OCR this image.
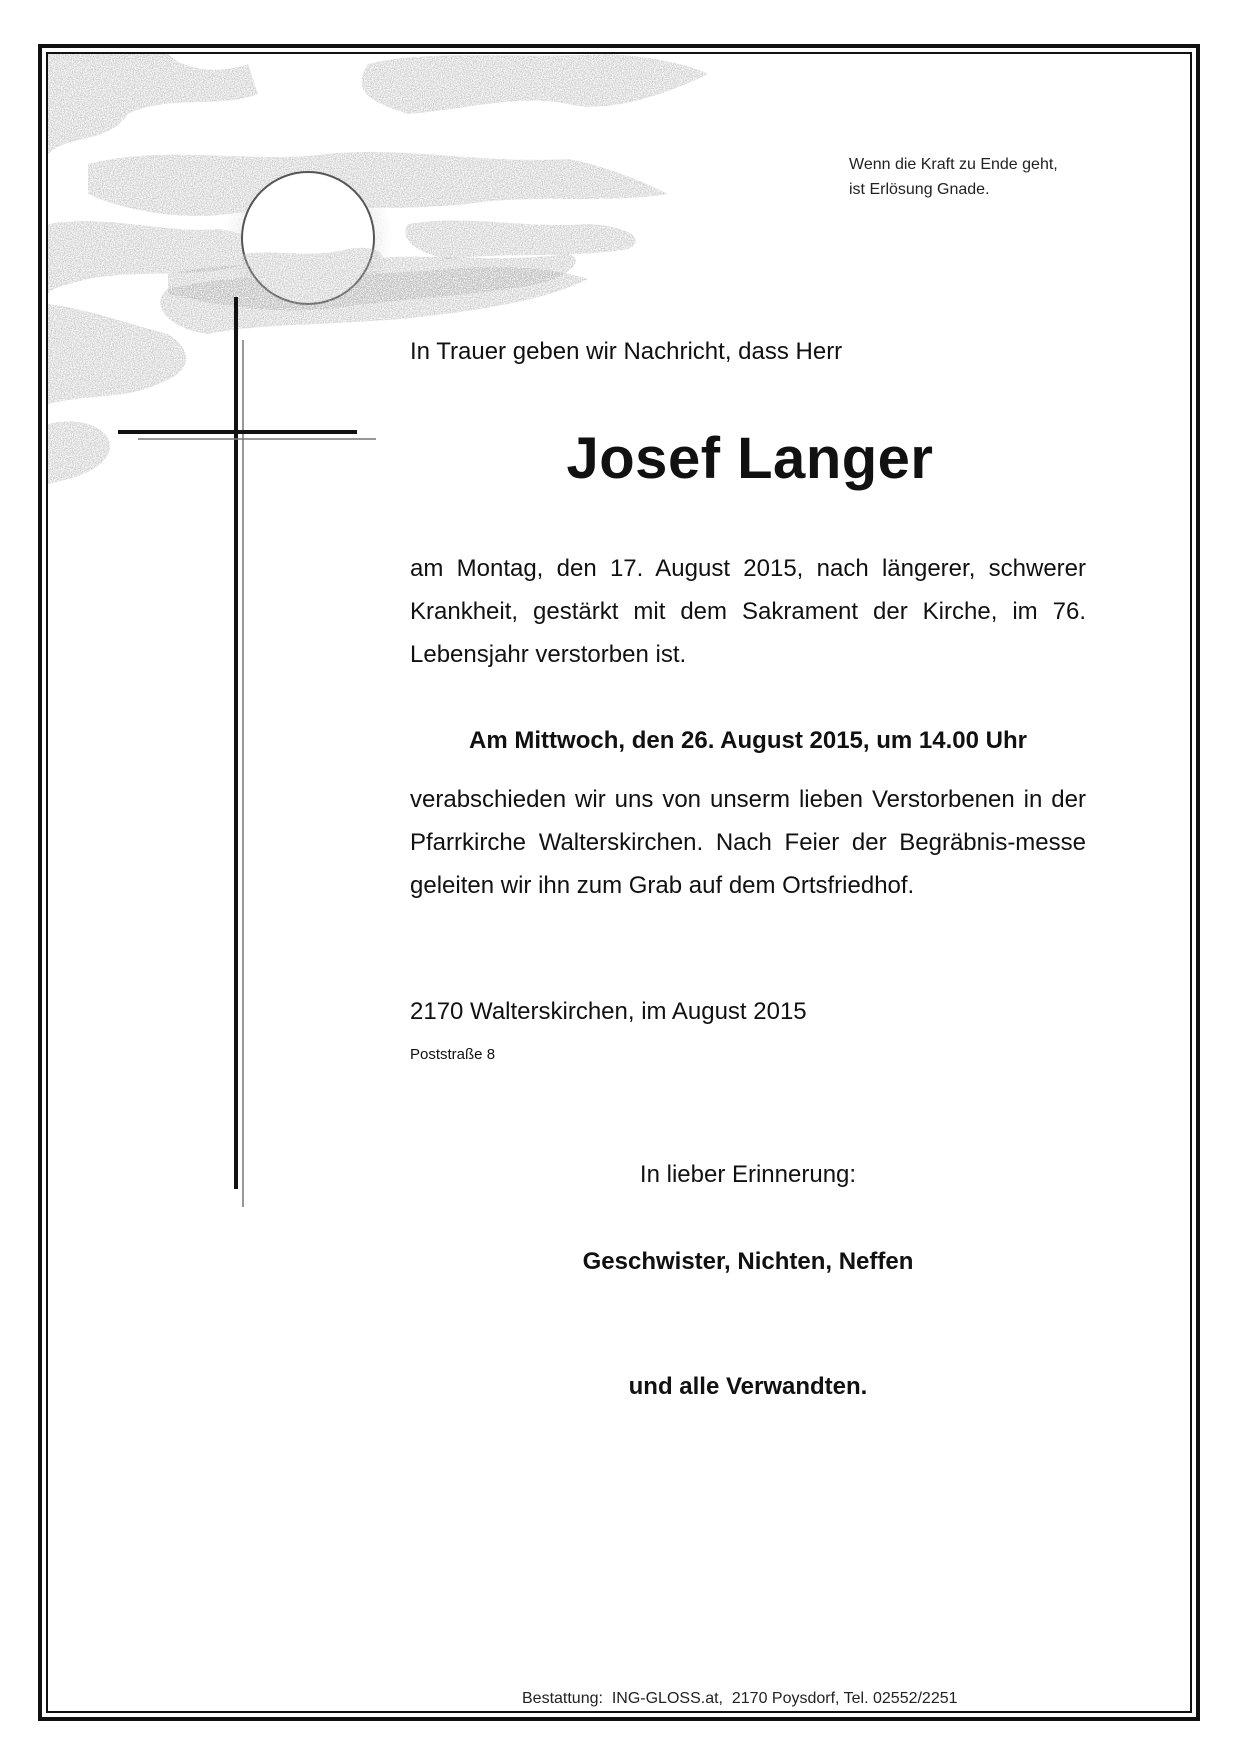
Wenn die Kraft zu Ende geht,
ist Erlösung Gnade.
In Trauer geben wir Nachricht, dass Herr
Josef Langer
am Montag, den 17. August 2015, nach längerer, schwerer Krankheit, gestärkt mit dem Sakrament der Kirche, im 76. Lebensjahr verstorben ist.
Am Mittwoch, den 26. August 2015, um 14.00 Uhr
verabschieden wir uns von unserm lieben Verstorbenen in der Pfarrkirche Walterskirchen. Nach Feier der Begräbnis-messe geleiten wir ihn zum Grab auf dem Ortsfriedhof.
2170 Walterskirchen, im August 2015
Poststraße 8
In lieber Erinnerung:
Geschwister, Nichten, Neffen
und alle Verwandten.
Bestattung:  ING-GLOSS.at,  2170 Poysdorf, Tel. 02552/2251
